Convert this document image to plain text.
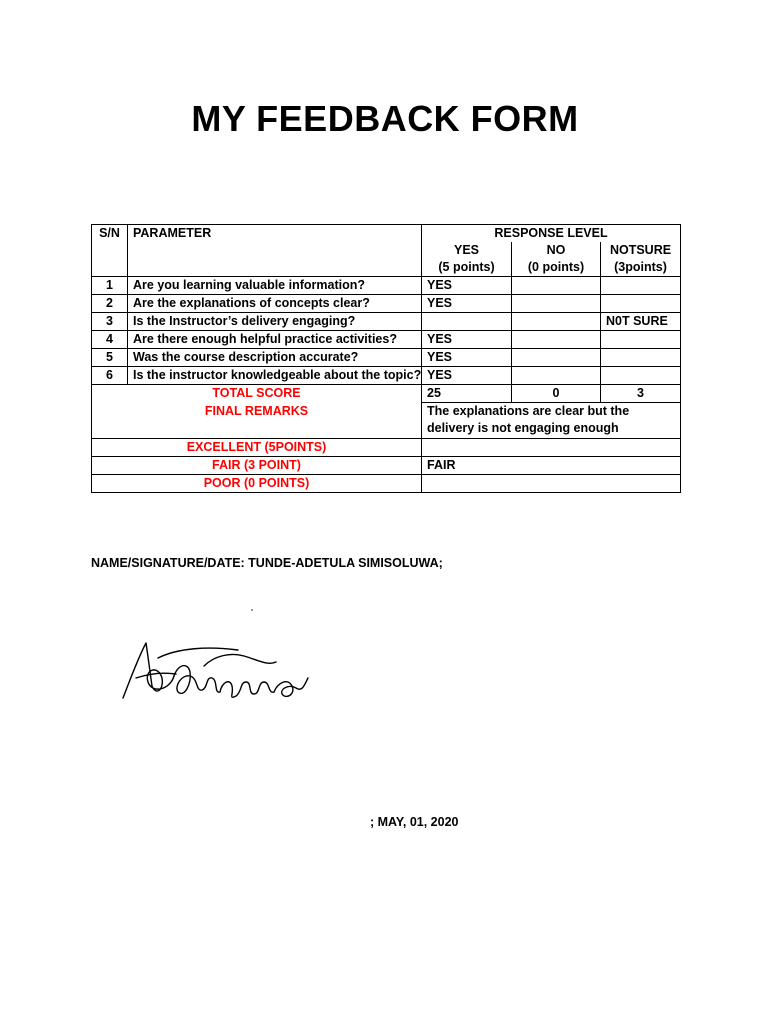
MY FEEDBACK FORM
S/N	PARAMETER	RESPONSE LEVEL		
		YES	NO	NOTSURE
		(5 points)	(0 points)	(3points)
1	Are you learning valuable information?	YES		
2	Are the explanations of concepts clear?	YES		
3	Is the Instructor’s delivery engaging?			N0T SURE
4	Are there enough helpful practice activities?	YES		
5	Was the course description accurate?	YES		
6	Is the instructor knowledgeable about the topic?	YES		
TOTAL SCORE		25	0	3
FINAL REMARKS		The explanations are clear but the delivery is not engaging enough		
EXCELLENT (5POINTS)				
FAIR (3 POINT)		FAIR		
POOR (0 POINTS)				
NAME/SIGNATURE/DATE: TUNDE-ADETULA SIMISOLUWA;
; MAY, 01, 2020
